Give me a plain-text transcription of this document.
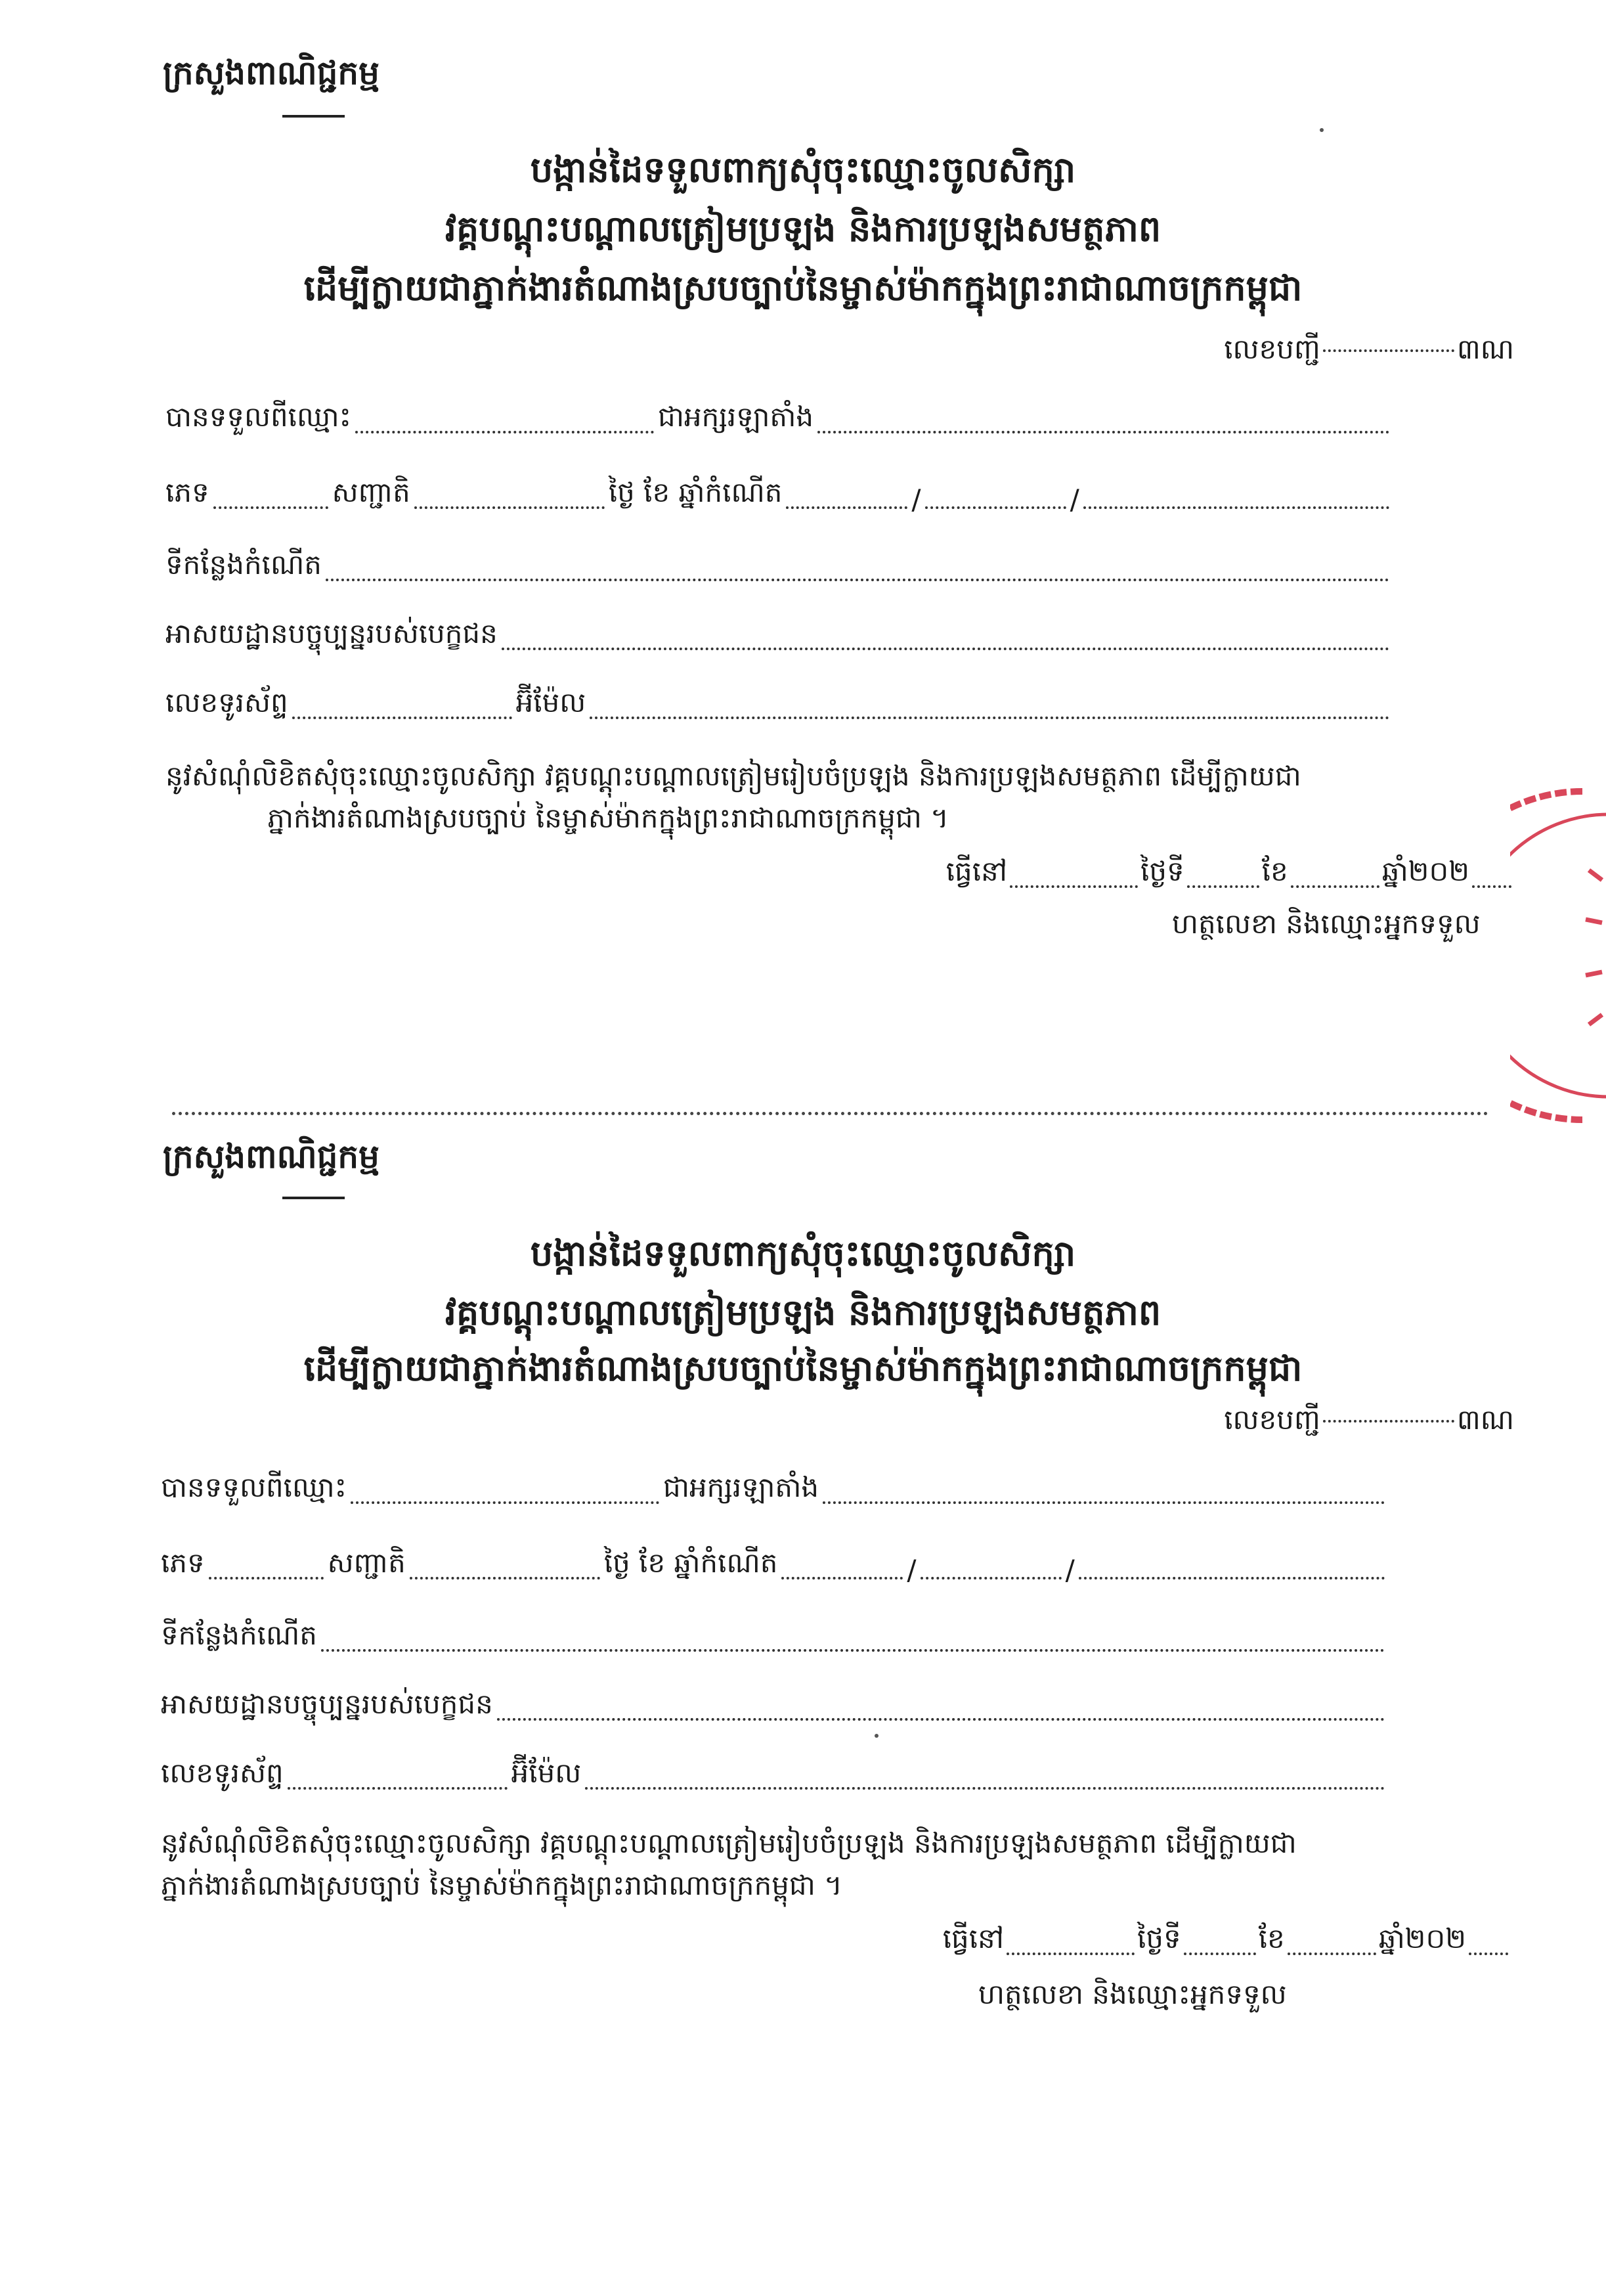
ក្រសួងពាណិជ្ជកម្ម
បង្កាន់ដៃទទួលពាក្យសុំចុះឈ្មោះចូលសិក្សា
វគ្គបណ្តុះបណ្តាលត្រៀមប្រឡង និងការប្រឡងសមត្ថភាព
ដើម្បីក្លាយជាភ្នាក់ងារតំណាងស្របច្បាប់នៃម្ចាស់ម៉ាកក្នុងព្រះរាជាណាចក្រកម្ពុជា
លេខបញ្ជី	៣ណ
បានទទួលពីឈ្មោះ	ជាអក្សរឡាតាំង
ភេទ	សញ្ជាតិ	ថ្ងៃ ខែ ឆ្នាំកំណើត	/	/
ទីកន្លែងកំណើត
អាសយដ្ឋានបច្ចុប្បន្នរបស់បេក្ខជន
លេខទូរស័ព្ទ	អ៊ីម៉ែល
នូវសំណុំលិខិតសុំចុះឈ្មោះចូលសិក្សា វគ្គបណ្តុះបណ្តាលត្រៀមរៀបចំប្រឡង និងការប្រឡងសមត្ថភាព ដើម្បីក្លាយជា
ភ្នាក់ងារតំណាងស្របច្បាប់ នៃម្ចាស់ម៉ាកក្នុងព្រះរាជាណាចក្រកម្ពុជា ។
ធ្វើនៅ	ថ្ងៃទី	ខែ	ឆ្នាំ២០២
ហត្ថលេខា និងឈ្មោះអ្នកទទួល
ក្រសួងពាណិជ្ជកម្ម
បង្កាន់ដៃទទួលពាក្យសុំចុះឈ្មោះចូលសិក្សា
វគ្គបណ្តុះបណ្តាលត្រៀមប្រឡង និងការប្រឡងសមត្ថភាព
ដើម្បីក្លាយជាភ្នាក់ងារតំណាងស្របច្បាប់នៃម្ចាស់ម៉ាកក្នុងព្រះរាជាណាចក្រកម្ពុជា
លេខបញ្ជី	៣ណ
បានទទួលពីឈ្មោះ	ជាអក្សរឡាតាំង
ភេទ	សញ្ជាតិ	ថ្ងៃ ខែ ឆ្នាំកំណើត	/	/
ទីកន្លែងកំណើត
អាសយដ្ឋានបច្ចុប្បន្នរបស់បេក្ខជន
លេខទូរស័ព្ទ	អ៊ីម៉ែល
នូវសំណុំលិខិតសុំចុះឈ្មោះចូលសិក្សា វគ្គបណ្តុះបណ្តាលត្រៀមរៀបចំប្រឡង និងការប្រឡងសមត្ថភាព ដើម្បីក្លាយជា
ភ្នាក់ងារតំណាងស្របច្បាប់ នៃម្ចាស់ម៉ាកក្នុងព្រះរាជាណាចក្រកម្ពុជា ។
ធ្វើនៅ	ថ្ងៃទី	ខែ	ឆ្នាំ២០២
ហត្ថលេខា និងឈ្មោះអ្នកទទួល
